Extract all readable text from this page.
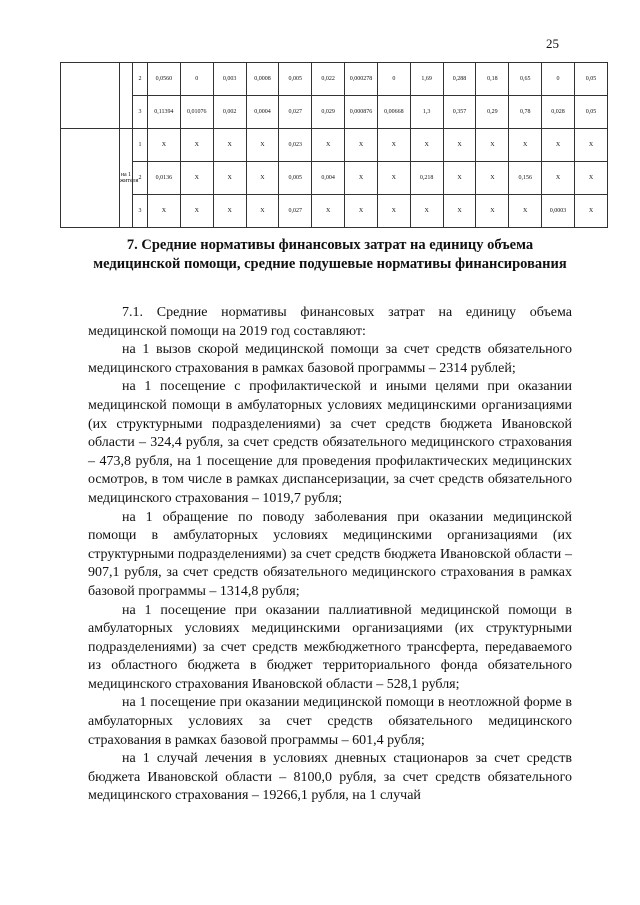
25
		2	0,0560	0	0,003	0,0008	0,005	0,022	0,000278	0	1,69	0,288	0,18	0,65	0	0,05
		3	0,11394	0,01076	0,002	0,0004	0,027	0,029	0,000876	0,00668	1,3	0,357	0,29	0,78	0,028	0,05
	на 1 жителя	1	X	X	X	X	0,023	X	X	X	X	X	X	X	X	X
		2	0,0136	X	X	X	0,005	0,004	X	X	0,218	X	X	0,156	X	X
		3	X	X	X	X	0,027	X	X	X	X	X	X	X	0,0003	X
7. Средние нормативы финансовых затрат на единицу объема медицинской помощи, средние подушевые нормативы финансирования

7.1. Средние нормативы финансовых затрат на единицу объема медицинской помощи на 2019 год составляют:

на 1 вызов скорой медицинской помощи за счет средств обязательного медицинского страхования в рамках базовой программы – 2314 рублей;

на 1 посещение с профилактической и иными целями при оказании медицинской помощи в амбулаторных условиях медицинскими организациями (их структурными подразделениями) за счет средств бюджета Ивановской области – 324,4 рубля, за счет средств обязательного медицинского страхования – 473,8 рубля, на 1 посещение для проведения профилактических медицинских осмотров, в том числе в рамках диспансеризации, за счет средств обязательного медицинского страхования – 1019,7 рубля;

на 1 обращение по поводу заболевания при оказании медицинской помощи в амбулаторных условиях медицинскими организациями (их структурными подразделениями) за счет средств бюджета Ивановской области – 907,1 рубля, за счет средств обязательного медицинского страхования в рамках базовой программы – 1314,8 рубля;

на 1 посещение при оказании паллиативной медицинской помощи в амбулаторных условиях медицинскими организациями (их структурными подразделениями) за счет средств межбюджетного трансферта, передаваемого из областного бюджета в бюджет территориального фонда обязательного медицинского страхования Ивановской области – 528,1 рубля;

на 1 посещение при оказании медицинской помощи в неотложной форме в амбулаторных условиях за счет средств обязательного медицинского страхования в рамках базовой программы – 601,4 рубля;

на 1 случай лечения в условиях дневных стационаров за счет средств бюджета Ивановской области – 8100,0 рубля, за счет средств обязательного медицинского страхования – 19266,1 рубля, на 1 случай
